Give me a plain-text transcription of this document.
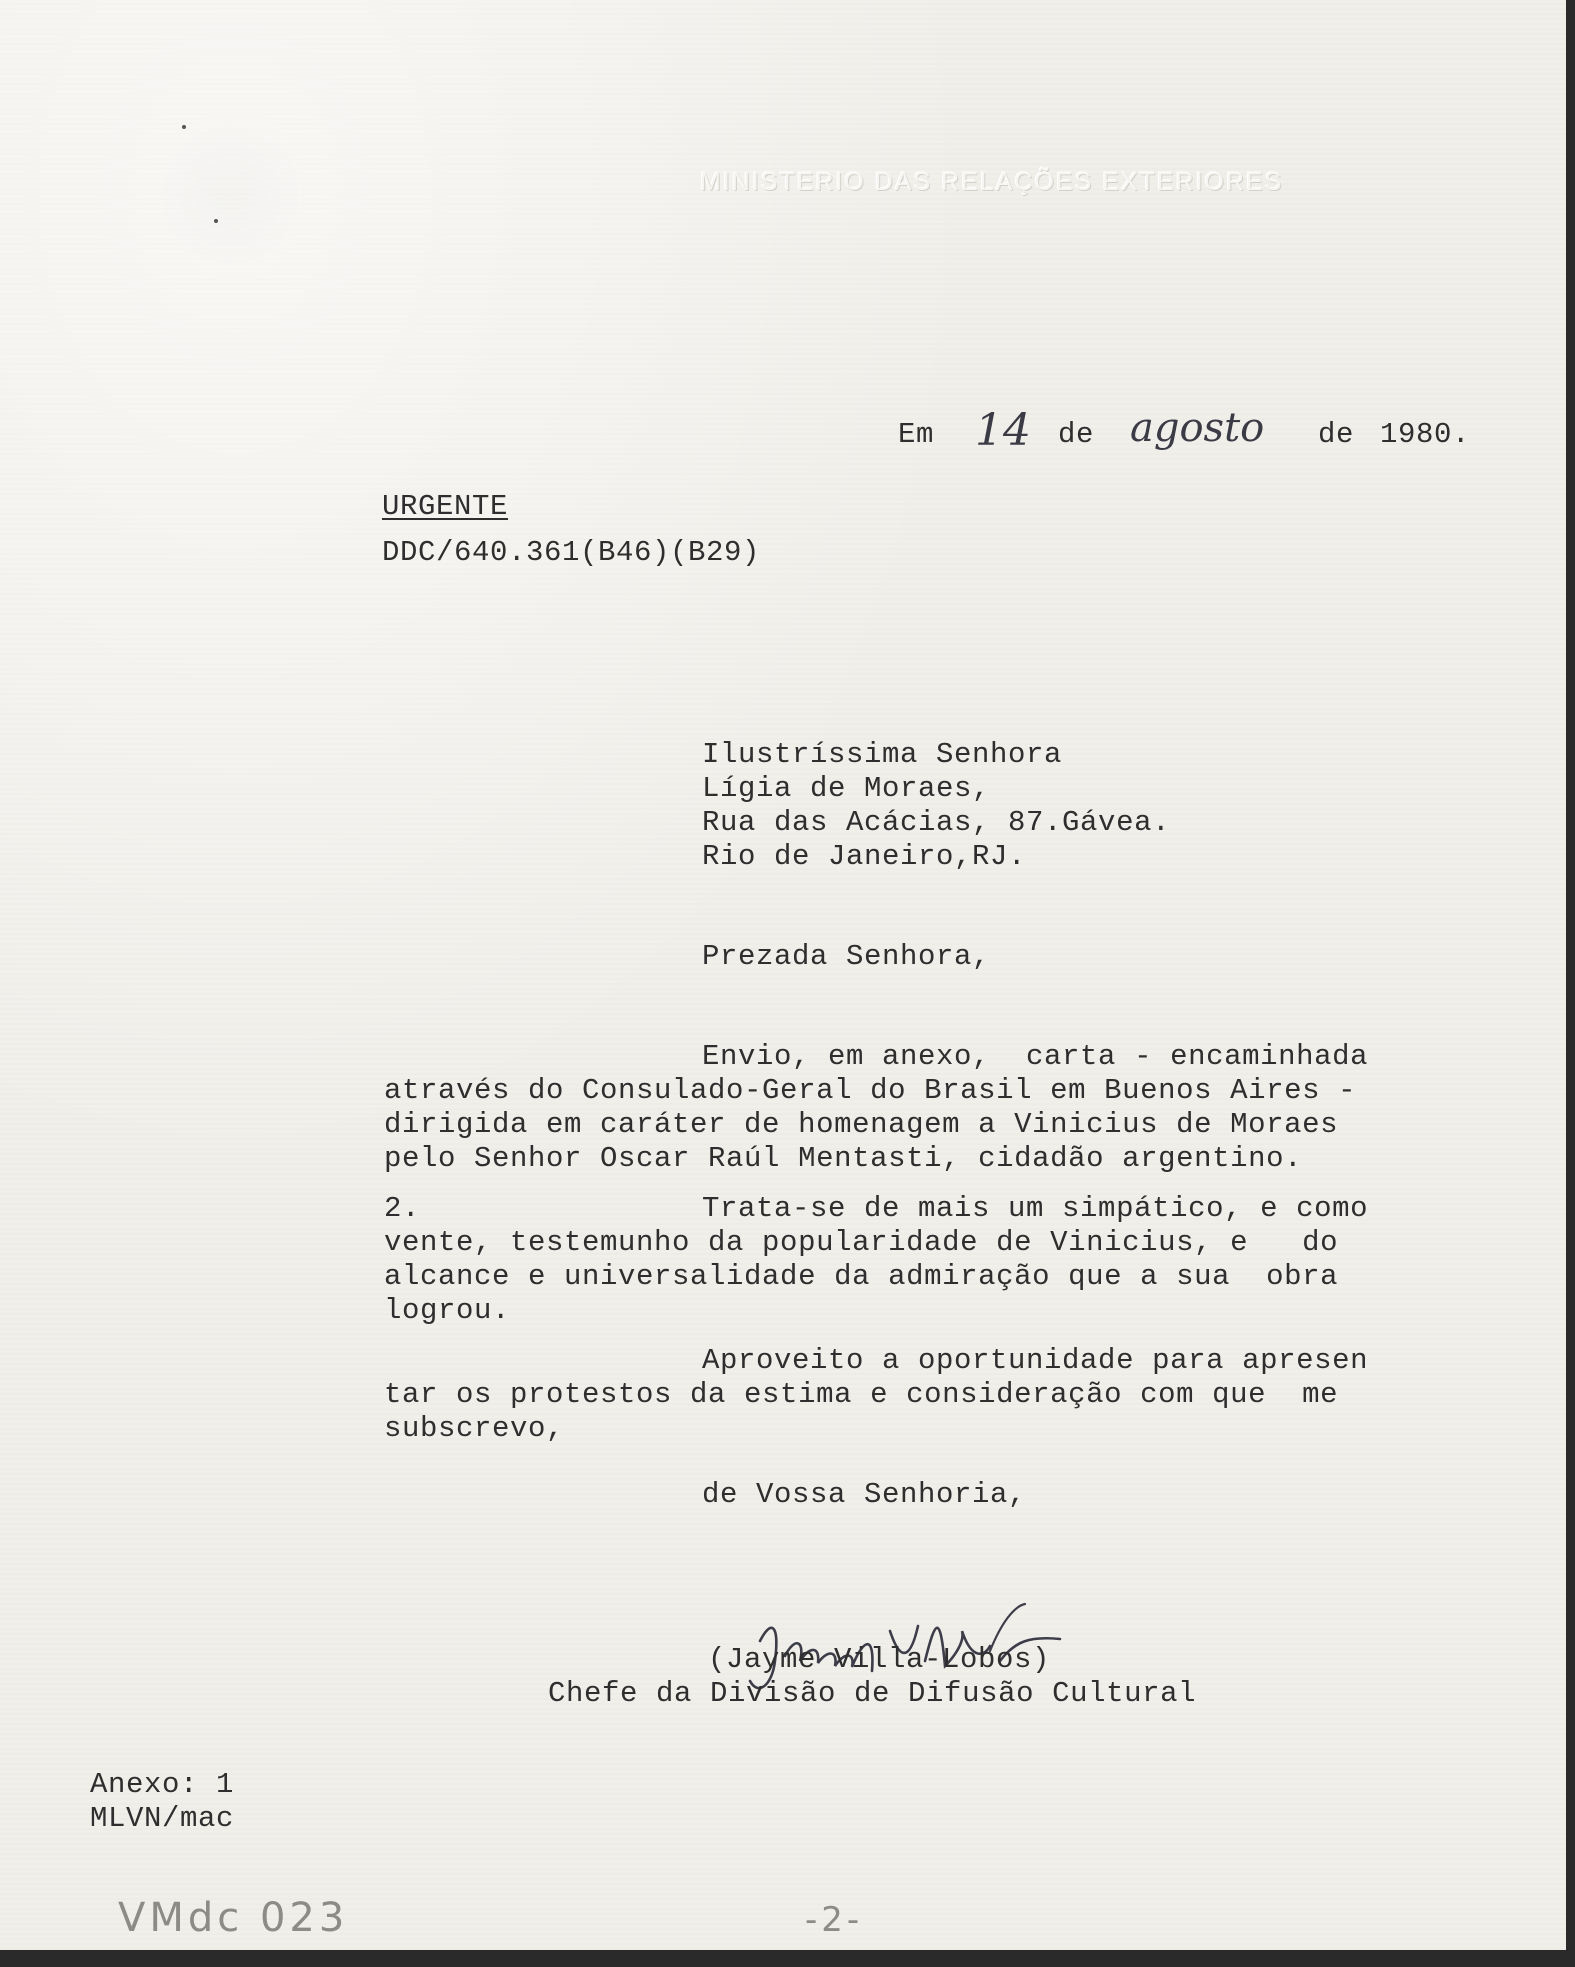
MINISTERIO DAS RELAÇÕES EXTERIORES
Em 14 de agosto de 1980.
URGENTE
DDC/640.361(B46)(B29)
Ilustríssima Senhora
Lígia de Moraes,
Rua das Acácias, 87.Gávea.
Rio de Janeiro,RJ.
Prezada Senhora,
Envio, em anexo,  carta - encaminhada
através do Consulado-Geral do Brasil em Buenos Aires -
dirigida em caráter de homenagem a Vinicius de Moraes
pelo Senhor Oscar Raúl Mentasti, cidadão argentino.
2.	Trata-se de mais um simpático, e como
vente, testemunho da popularidade de Vinicius, e   do
alcance e universalidade da admiração que a sua  obra
logrou.
Aproveito a oportunidade para apresen
tar os protestos da estima e consideração com que  me
subscrevo,
de Vossa Senhoria,

(Jayme Villa-Lobos)
Chefe da Divisão de Difusão Cultural
Anexo: 1
MLVN/mac
VMdc 023	-2-
